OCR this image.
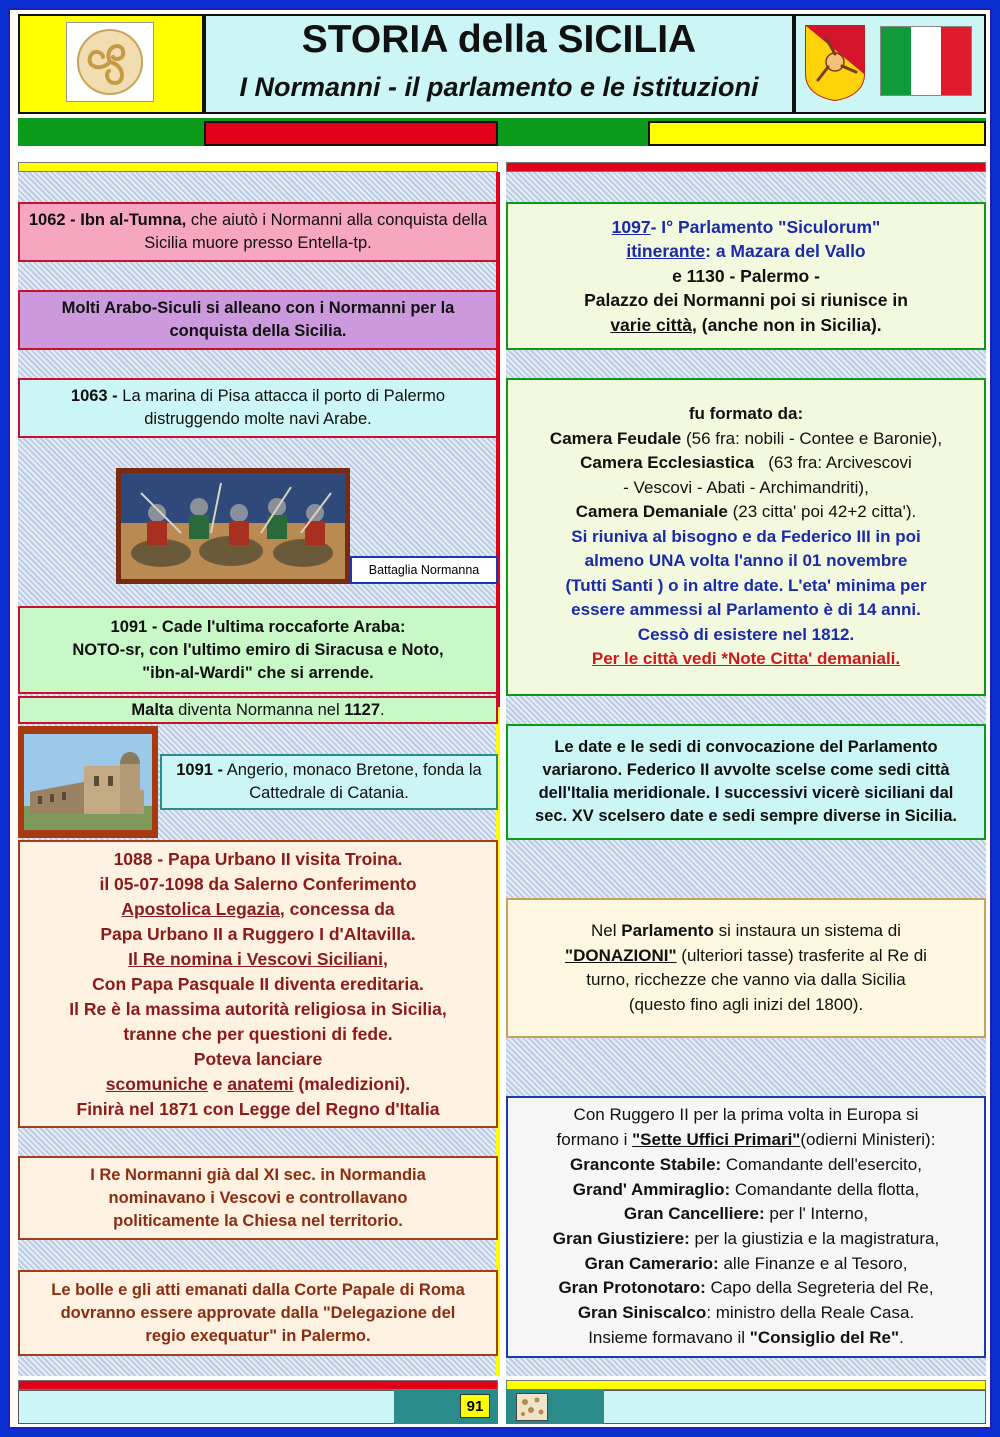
STORIA della SICILIA
I Normanni - il parlamento e le istituzioni
1062 - Ibn al-Tumna, che aiutò i Normanni alla conquista della Sicilia muore presso Entella-tp.
Molti Arabo-Siculi si alleano con i Normanni per la conquista della Sicilia.
1063 - La marina di Pisa attacca il porto di Palermo distruggendo molte navi Arabe.
Battaglia Normanna
1091 - Cade l'ultima roccaforte Araba:
NOTO-sr, con l'ultimo emiro di Siracusa e Noto,
"ibn-al-Wardi" che si arrende.
Malta diventa Normanna nel 1127.
1091 - Angerio, monaco Bretone, fonda la Cattedrale di Catania.
1088 - Papa Urbano II visita Troina.
il 05-07-1098 da Salerno Conferimento
Apostolica Legazia, concessa da
Papa Urbano II a Ruggero I d'Altavilla.
Il Re nomina i Vescovi Siciliani,
Con Papa Pasquale II diventa ereditaria.
Il Re è la massima autorità religiosa in Sicilia,
tranne che per questioni di fede.
Poteva lanciare
scomuniche e anatemi (maledizioni).
Finirà nel 1871 con Legge del Regno d'Italia
I Re Normanni già dal XI sec. in Normandia nominavano i Vescovi e controllavano politicamente la Chiesa nel territorio.
Le bolle e gli atti emanati dalla Corte Papale di Roma dovranno essere approvate dalla "Delegazione del regio exequatur" in Palermo.
1097- I° Parlamento "Siculorum"
itinerante: a Mazara del Vallo
e 1130 - Palermo -
Palazzo dei Normanni poi si riunisce in
varie città, (anche non in Sicilia).
fu formato da:
Camera Feudale (56 fra: nobili - Contee e Baronie),
Camera Ecclesiastica   (63 fra: Arcivescovi
- Vescovi - Abati - Archimandriti),
Camera Demaniale (23 citta' poi 42+2 citta').
Si riuniva al bisogno e da Federico III in poi
almeno UNA volta l'anno il 01 novembre
(Tutti Santi ) o in altre date. L'eta' minima per
essere ammessi al Parlamento è di 14 anni.
Cessò di esistere nel 1812.
Per le città vedi *Note Citta' demaniali.
Le date e le sedi di convocazione del Parlamento variarono. Federico II avvolte scelse come sedi città dell'Italia meridionale. I successivi vicerè siciliani dal sec. XV scelsero date e sedi sempre diverse in Sicilia.
Nel Parlamento si instaura un sistema di
"DONAZIONI" (ulteriori tasse) trasferite al Re di
turno, ricchezze che vanno via dalla Sicilia
(questo fino agli inizi del 1800).
Con Ruggero II per la prima volta in Europa si
formano i "Sette Uffici Primari"(odierni Ministeri):
Granconte Stabile: Comandante dell'esercito,
Grand' Ammiraglio: Comandante della flotta,
Gran Cancelliere: per l' Interno,
Gran Giustiziere: per la giustizia e la magistratura,
Gran Camerario: alle Finanze e al Tesoro,
Gran Protonotaro: Capo della Segreteria del Re,
Gran Siniscalco: ministro della Reale Casa.
Insieme formavano il "Consiglio del Re".
91
